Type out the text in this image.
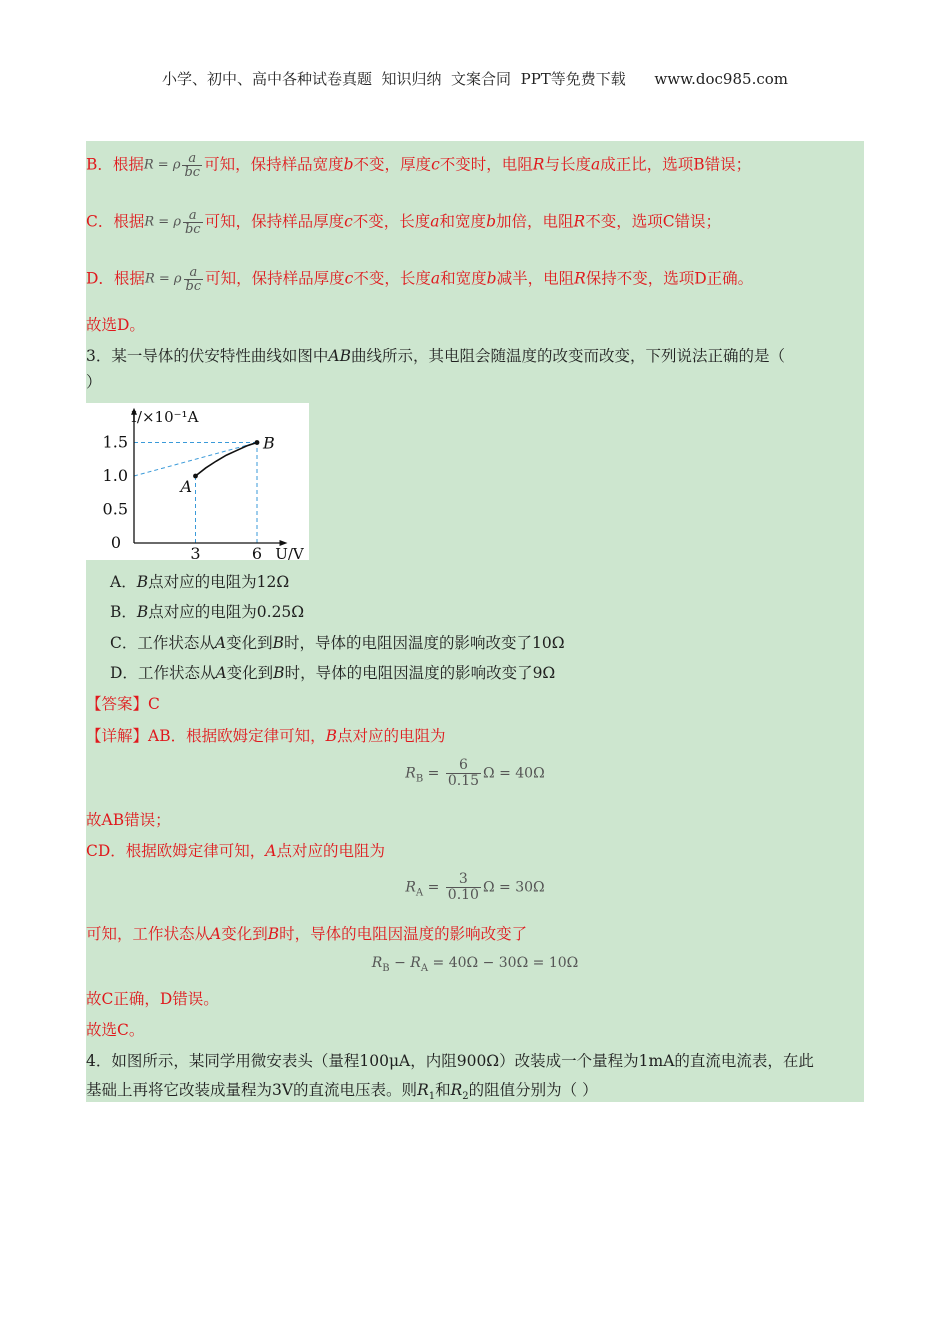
小学、初中、高中各种试卷真题  知识归纳  文案合同  PPT等免费下载      www.doc985.com
B．根据R = ρ $\frac{a}{bc}$ 可知，保持样品宽度b不变，厚度c不变时，电阻R与长度a成正比，选项B错误；
C．根据R = ρ $\frac{a}{bc}$ 可知，保持样品厚度c不变，长度a和宽度b加倍，电阻R不变，选项C错误；
D．根据R = ρ $\frac{a}{bc}$ 可知，保持样品厚度c不变，长度a和宽度b减半，电阻R保持不变，选项D正确。
故选D。
3．某一导体的伏安特性曲线如图中AB曲线所示，其电阻会随温度的改变而改变，下列说法正确的是（
）
A
B
0.5
1.0
1.5
0
3	6
I/×10⁻¹A
U/V
A．B点对应的电阻为12Ω
B．B点对应的电阻为0.25Ω
C．工作状态从A变化到B时，导体的电阻因温度的影响改变了10Ω
D．工作状态从A变化到B时，导体的电阻因温度的影响改变了9Ω
【答案】C
【详解】AB．根据欧姆定律可知，B点对应的电阻为
$R_B = \frac{6}{0.15}$ Ω = 40Ω
故AB错误；
CD．根据欧姆定律可知，A点对应的电阻为
$R_A = \frac{3}{0.10}$ Ω = 30Ω
可知，工作状态从A变化到B时，导体的电阻因温度的影响改变了
$R_B - R_A = 40\Omega - 30\Omega = 10\Omega$
故C正确，D错误。
故选C。
4．如图所示，某同学用微安表头（量程100μA，内阻900Ω）改装成一个量程为1mA的直流电流表，在此
基础上再将它改装成量程为3V的直流电压表。则$R_1$和$R_2$的阻值分别为（ ）
